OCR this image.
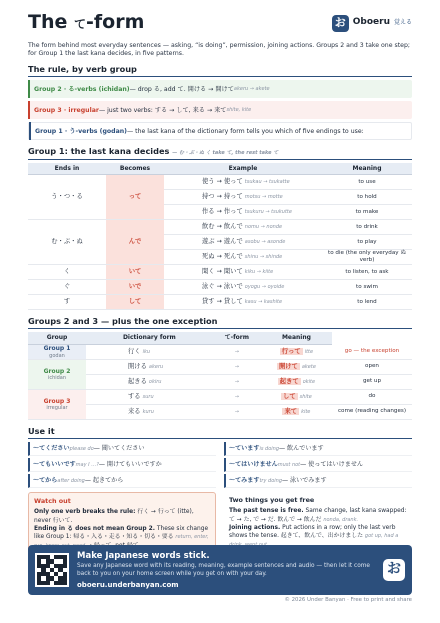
The て-form	お Oboeru 覚える

The form behind most everyday sentences — asking, “is doing”, permission, joining actions. Groups 2 and 3 take one step; for Group 1 the last kana decides, in five patterns.

The rule, by verb group
Group 2 · る-verbs (ichidan) — drop る, add て. 開ける → 開けて akeru → akete
Group 3 · irregular — just two verbs: する → して, 来る → 来て shite, kite
Group 1 · う-verbs (godan) — the last kana of the dictionary form tells you which of five endings to use:
Group 1: the last kana decides — む・ぶ・ぬ く take て, the rest take て
Ends in	Becomes	Example	Meaning
う・つ・る	って	使う → 使って tsukau → tsukatte	to use
		持つ → 持って motsu → motte	to hold
		作る → 作って tsukuru → tsukutte	to make
む・ぶ・ぬ	んで	飲む → 飲んで nomu → nonde	to drink
		遊ぶ → 遊んで asobu → asonde	to play
		死ぬ → 死んで shinu → shinde	to die (the only everyday ぬ verb)
く	いて	聞く → 聞いて kiku → kiite	to listen, to ask
ぐ	いで	泳ぐ → 泳いで oyogu → oyoide	to swim
す	して	貸す → 貸して kasu → kashite	to lend
Groups 2 and 3 — plus the one exception
Group	Dictionary form	て-form	Meaning	
Group 1
godan	行く iku	→	行って itte	go — the exception
Group 2
ichidan	開ける akeru	→	開けて akete	open
	起きる okiru	→	起きて okite	get up
Group 3
irregular	する suru	→	して shite	do
	来る kuru	→	来て kite	come (reading changes)
Use it
〜てください please do — 聞いてください	〜ています is doing — 飲んでいます
〜てもいいです may I …? — 開けてもいいですか	〜てはいけません must not — 使ってはいけません
〜てから after doing — 起きてから	〜てみます try doing — 泳いでみます
Watch out

Only one verb breaks the rule: 行く → 行って (itte), never 行いて.

Ending in る does not mean Group 2. These six change like Group 1: 帰る・入る・走る・知る・切る・要る return, enter,

Two things you get free

The past tense is free. Same change, last kana swapped: て → た, で → だ. 飲んで → 飲んだ nonda, drank.

Joining actions. Put actions in a row; only the last verb shows the tense. 起きて、飲んで、出かけました got up, had a

Make Japanese words stick.
Save any Japanese word with its reading, meaning, example sentences and audio — then let it come back to you on your home screen while you get on with your day.
oboeru.underbanyan.com
お
© 2026 Under Banyan · Free to print and share
